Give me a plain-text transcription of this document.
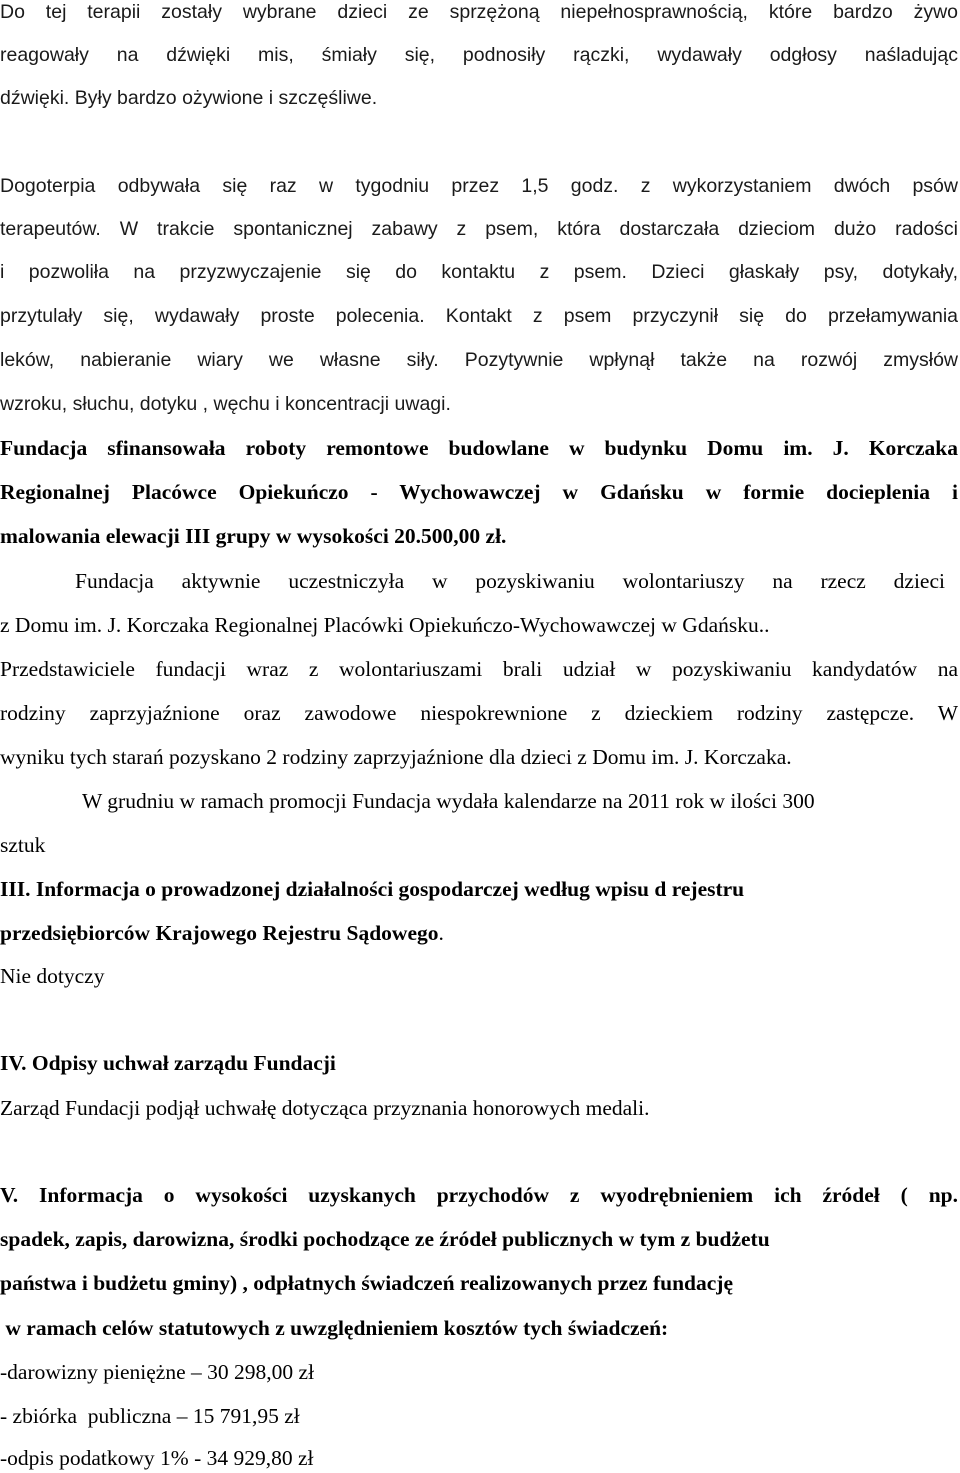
Do tej terapii zostały wybrane dzieci ze sprzężoną niepełnosprawnością, które bardzo żywo
reagowały na dźwięki mis, śmiały się, podnosiły rączki, wydawały odgłosy naśladując
dźwięki. Były bardzo ożywione i szczęśliwe.
Dogoterpia odbywała się raz w tygodniu przez 1,5 godz. z wykorzystaniem dwóch psów
terapeutów. W trakcie spontanicznej zabawy z psem, która dostarczała dzieciom dużo radości
i pozwoliła na przyzwyczajenie się do kontaktu z psem. Dzieci głaskały psy, dotykały,
przytulały się, wydawały proste polecenia. Kontakt z psem przyczynił się do przełamywania
leków, nabieranie wiary we własne siły. Pozytywnie wpłynął także na rozwój zmysłów
wzroku, słuchu, dotyku , węchu i koncentracji uwagi.
Fundacja sfinansowała roboty remontowe budowlane w budynku Domu im. J. Korczaka
Regionalnej Placówce Opiekuńczo - Wychowawczej w Gdańsku w formie docieplenia i
malowania elewacji III grupy w wysokości 20.500,00 zł.
Fundacja aktywnie uczestniczyła w pozyskiwaniu wolontariuszy na rzecz dzieci
z Domu im. J. Korczaka Regionalnej Placówki Opiekuńczo-Wychowawczej w Gdańsku..
Przedstawiciele fundacji wraz z wolontariuszami brali udział w pozyskiwaniu kandydatów na
rodziny zaprzyjaźnione oraz zawodowe niespokrewnione z dzieckiem rodziny zastępcze. W
wyniku tych starań pozyskano 2 rodziny zaprzyjaźnione dla dzieci z Domu im. J. Korczaka.
W grudniu w ramach promocji Fundacja wydała kalendarze na 2011 rok w ilości 300
sztuk
III. Informacja o prowadzonej działalności gospodarczej według wpisu d rejestru
przedsiębiorców Krajowego Rejestru Sądowego.
Nie dotyczy
IV. Odpisy uchwał zarządu Fundacji
Zarząd Fundacji podjął uchwałę dotycząca przyznania honorowych medali.
V. Informacja o wysokości uzyskanych przychodów z wyodrębnieniem ich źródeł ( np.
spadek, zapis, darowizna, środki pochodzące ze źródeł publicznych w tym z budżetu
państwa i budżetu gminy) , odpłatnych świadczeń realizowanych przez fundację
w ramach celów statutowych z uwzględnieniem kosztów tych świadczeń:
-darowizny pieniężne – 30 298,00 zł
- zbiórka  publiczna – 15 791,95 zł
-odpis podatkowy 1% - 34 929,80 zł
